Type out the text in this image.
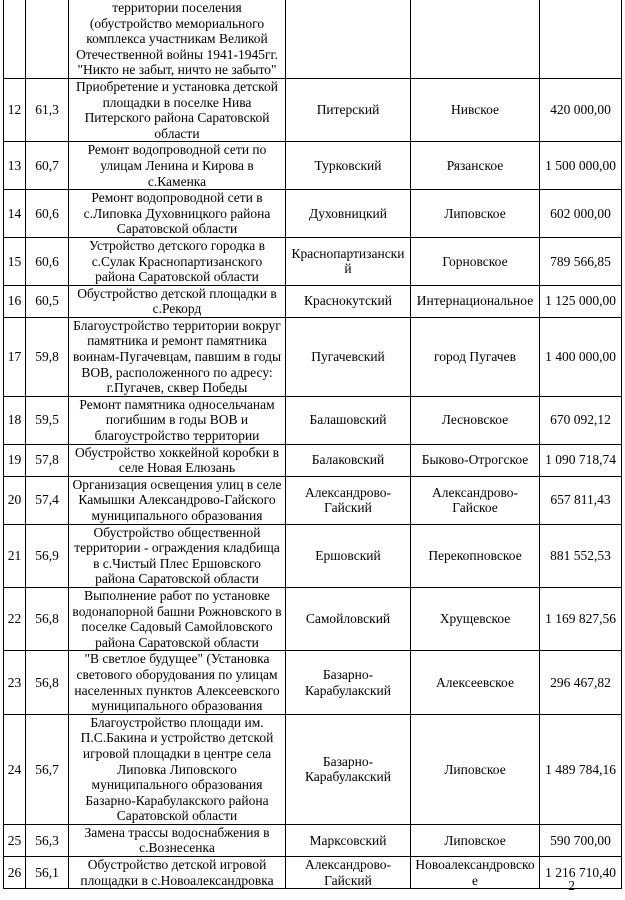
		территории поселения (обустройство мемориального комплекса участникам Великой Отечественной войны 1941-1945гг. "Никто не забыт, ничто не забыто"			
12	61,3	Приобретение и установка детской площадки в поселке Нива Питерского района Саратовской области	Питерский	Нивское	420 000,00
13	60,7	Ремонт водопроводной сети по улицам Ленина и Кирова в с.Каменка	Турковский	Рязанское	1 500 000,00
14	60,6	Ремонт водопроводной сети в с.Липовка Духовницкого района Саратовской области	Духовницкий	Липовское	602 000,00
15	60,6	Устройство детского городка в с.Сулак Краснопартизанского района Саратовской области	Краснопартизанский	Горновское	789 566,85
16	60,5	Обустройство детской площадки в с.Рекорд	Краснокутский	Интернациональное	1 125 000,00
17	59,8	Благоустройство территории вокруг памятника и ремонт памятника воинам-Пугачевцам, павшим в годы ВОВ, расположенного по адресу: г.Пугачев, сквер Победы	Пугачевский	город Пугачев	1 400 000,00
18	59,5	Ремонт памятника односельчанам погибшим в годы ВОВ и благоустройство территории	Балашовский	Лесновское	670 092,12
19	57,8	Обустройство хоккейной коробки в селе Новая Елюзань	Балаковский	Быково-Отрогское	1 090 718,74
20	57,4	Организация освещения улиц в селе Камышки Александрово-Гайского муниципального образования	Александрово-Гайский	Александрово-Гайское	657 811,43
21	56,9	Обустройство общественной территории - ограждения кладбища в с.Чистый Плес Ершовского района Саратовской области	Ершовский	Перекопновское	881 552,53
22	56,8	Выполнение работ по установке водонапорной башни Рожновского в поселке Садовый Самойловского района Саратовской области	Самойловский	Хрущевское	1 169 827,56
23	56,8	"В светлое будущее" (Установка светового оборудования по улицам населенных пунктов Алексеевского муниципального образования	Базарно-Карабулакский	Алексеевское	296 467,82
24	56,7	Благоустройство площади им. П.С.Бакина и устройство детской игровой площадки в центре села Липовка Липовского муниципального образования Базарно-Карабулакского района Саратовской области	Базарно-Карабулакский	Липовское	1 489 784,16
25	56,3	Замена трассы водоснабжения в с.Вознесенка	Марксовский	Липовское	590 700,00
26	56,1	Обустройство детской игровой площадки в с.Новоалександровка	Александрово-Гайский	Новоалександровское	1 216 710,40
2
